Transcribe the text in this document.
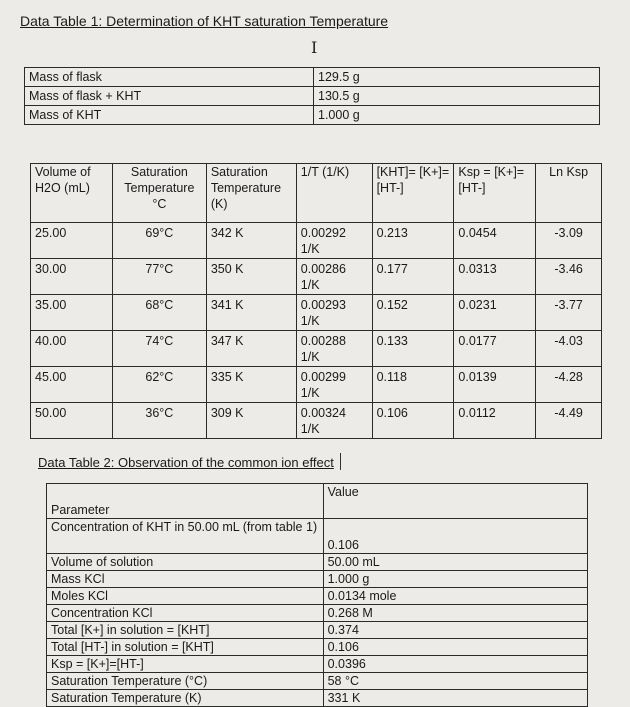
Data Table 1: Determination of KHT saturation Temperature
I
Mass of flask	129.5 g
Mass of flask + KHT	130.5 g
Mass of KHT	1.000 g
Volume of H2O (mL)	Saturation Temperature °C	Saturation Temperature (K)	1/T (1/K)	[KHT]= [K+]=[HT-]	Ksp = [K+]=[HT-]	Ln Ksp
25.00	69°C	342 K	0.00292 1/K	0.213	0.0454	-3.09
30.00	77°C	350 K	0.00286 1/K	0.177	0.0313	-3.46
35.00	68°C	341 K	0.00293 1/K	0.152	0.0231	-3.77
40.00	74°C	347 K	0.00288 1/K	0.133	0.0177	-4.03
45.00	62°C	335 K	0.00299 1/K	0.118	0.0139	-4.28
50.00	36°C	309 K	0.00324 1/K	0.106	0.0112	-4.49
Data Table 2: Observation of the common ion effect
Parameter	Value
Concentration of KHT in 50.00 mL (from table 1)	0.106
Volume of solution	50.00 mL
Mass KCl	1.000 g
Moles KCl	0.0134 mole
Concentration KCl	0.268 M
Total [K+] in solution = [KHT]	0.374
Total [HT-] in solution = [KHT]	0.106
Ksp = [K+]=[HT-]	0.0396
Saturation Temperature (°C)	58 °C
Saturation Temperature (K)	331 K
